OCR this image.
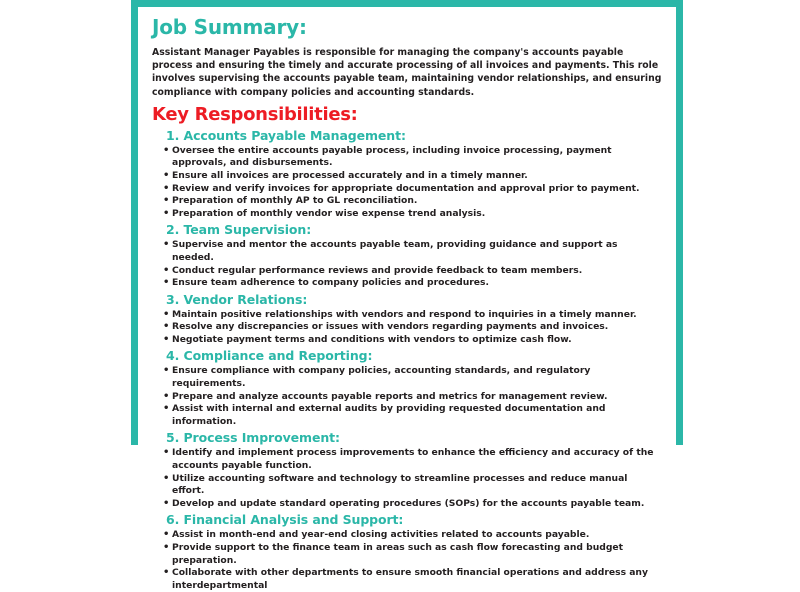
Job Summary:

Assistant Manager Payables is responsible for managing the company's accounts payable process and ensuring the timely and accurate processing of all invoices and payments. This role involves supervising the accounts payable team, maintaining vendor relationships, and ensuring compliance with company policies and accounting standards.

Key Responsibilities:
1. Accounts Payable Management:
• Oversee the entire accounts payable process, including invoice processing, payment approvals, and disbursements.
• Ensure all invoices are processed accurately and in a timely manner.
• Review and verify invoices for appropriate documentation and approval prior to payment.
• Preparation of monthly AP to GL reconciliation.
• Preparation of monthly vendor wise expense trend analysis.
2. Team Supervision:
• Supervise and mentor the accounts payable team, providing guidance and support as needed.
• Conduct regular performance reviews and provide feedback to team members.
• Ensure team adherence to company policies and procedures.
3. Vendor Relations:
• Maintain positive relationships with vendors and respond to inquiries in a timely manner.
• Resolve any discrepancies or issues with vendors regarding payments and invoices.
• Negotiate payment terms and conditions with vendors to optimize cash flow.
4. Compliance and Reporting:
• Ensure compliance with company policies, accounting standards, and regulatory requirements.
• Prepare and analyze accounts payable reports and metrics for management review.
• Assist with internal and external audits by providing requested documentation and information.
5. Process Improvement:
• Identify and implement process improvements to enhance the efficiency and accuracy of the accounts payable function.
• Utilize accounting software and technology to streamline processes and reduce manual effort.
• Develop and update standard operating procedures (SOPs) for the accounts payable team.
6. Financial Analysis and Support:
• Assist in month-end and year-end closing activities related to accounts payable.
• Provide support to the finance team in areas such as cash flow forecasting and budget preparation.
• Collaborate with other departments to ensure smooth financial operations and address any interdepartmental
